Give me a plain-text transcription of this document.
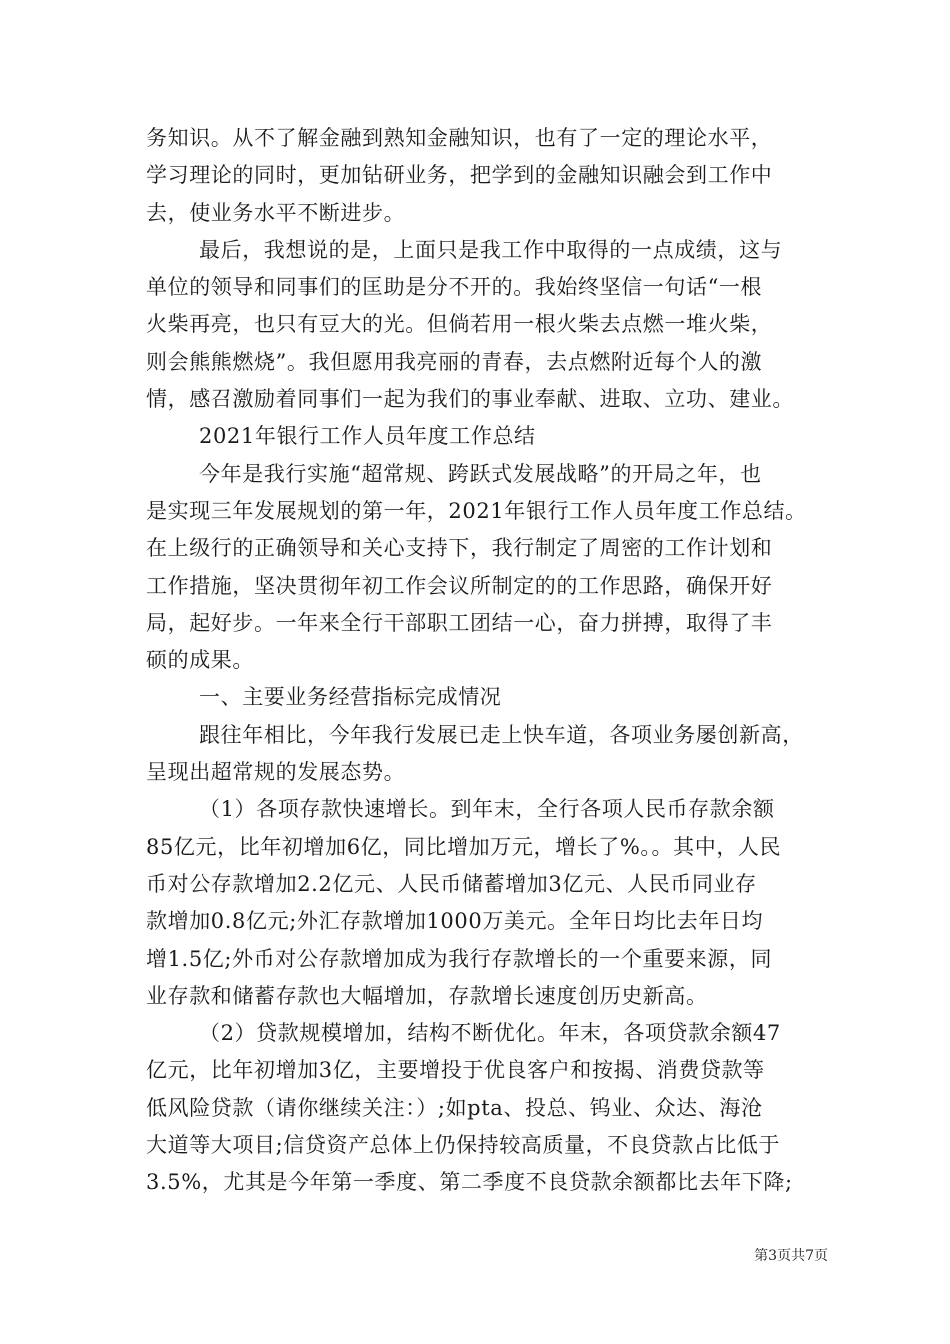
务知识。从不了解金融到熟知金融知识，也有了一定的理论水平，
学习理论的同时，更加钻研业务，把学到的金融知识融会到工作中
去，使业务水平不断进步。
最后，我想说的是，上面只是我工作中取得的一点成绩，这与
单位的领导和同事们的匡助是分不开的。我始终坚信一句话“一根
火柴再亮，也只有豆大的光。但倘若用一根火柴去点燃一堆火柴，
则会熊熊燃烧”。我但愿用我亮丽的青春，去点燃附近每个人的激
情，感召激励着同事们一起为我们的事业奉献、进取、立功、建业。
2021年银行工作人员年度工作总结
今年是我行实施“超常规、跨跃式发展战略”的开局之年，也
是实现三年发展规划的第一年，2021年银行工作人员年度工作总结。
在上级行的正确领导和关心支持下，我行制定了周密的工作计划和
工作措施，坚决贯彻年初工作会议所制定的的工作思路，确保开好
局，起好步。一年来全行干部职工团结一心，奋力拼搏，取得了丰
硕的成果。
一、主要业务经营指标完成情况
跟往年相比，今年我行发展已走上快车道，各项业务屡创新高，
呈现出超常规的发展态势。
（1）各项存款快速增长。到年末，全行各项人民币存款余额
85亿元，比年初增加6亿，同比增加万元，增长了%。。其中，人民
币对公存款增加2.2亿元、人民币储蓄增加3亿元、人民币同业存
款增加0.8亿元;外汇存款增加1000万美元。全年日均比去年日均
增1.5亿;外币对公存款增加成为我行存款增长的一个重要来源，同
业存款和储蓄存款也大幅增加，存款增长速度创历史新高。
（2）贷款规模增加，结构不断优化。年末，各项贷款余额47
亿元，比年初增加3亿，主要增投于优良客户和按揭、消费贷款等
低风险贷款（请你继续关注：）;如pta、投总、钨业、众达、海沧
大道等大项目;信贷资产总体上仍保持较高质量，不良贷款占比低于
3.5%，尤其是今年第一季度、第二季度不良贷款余额都比去年下降;
第3页共7页
